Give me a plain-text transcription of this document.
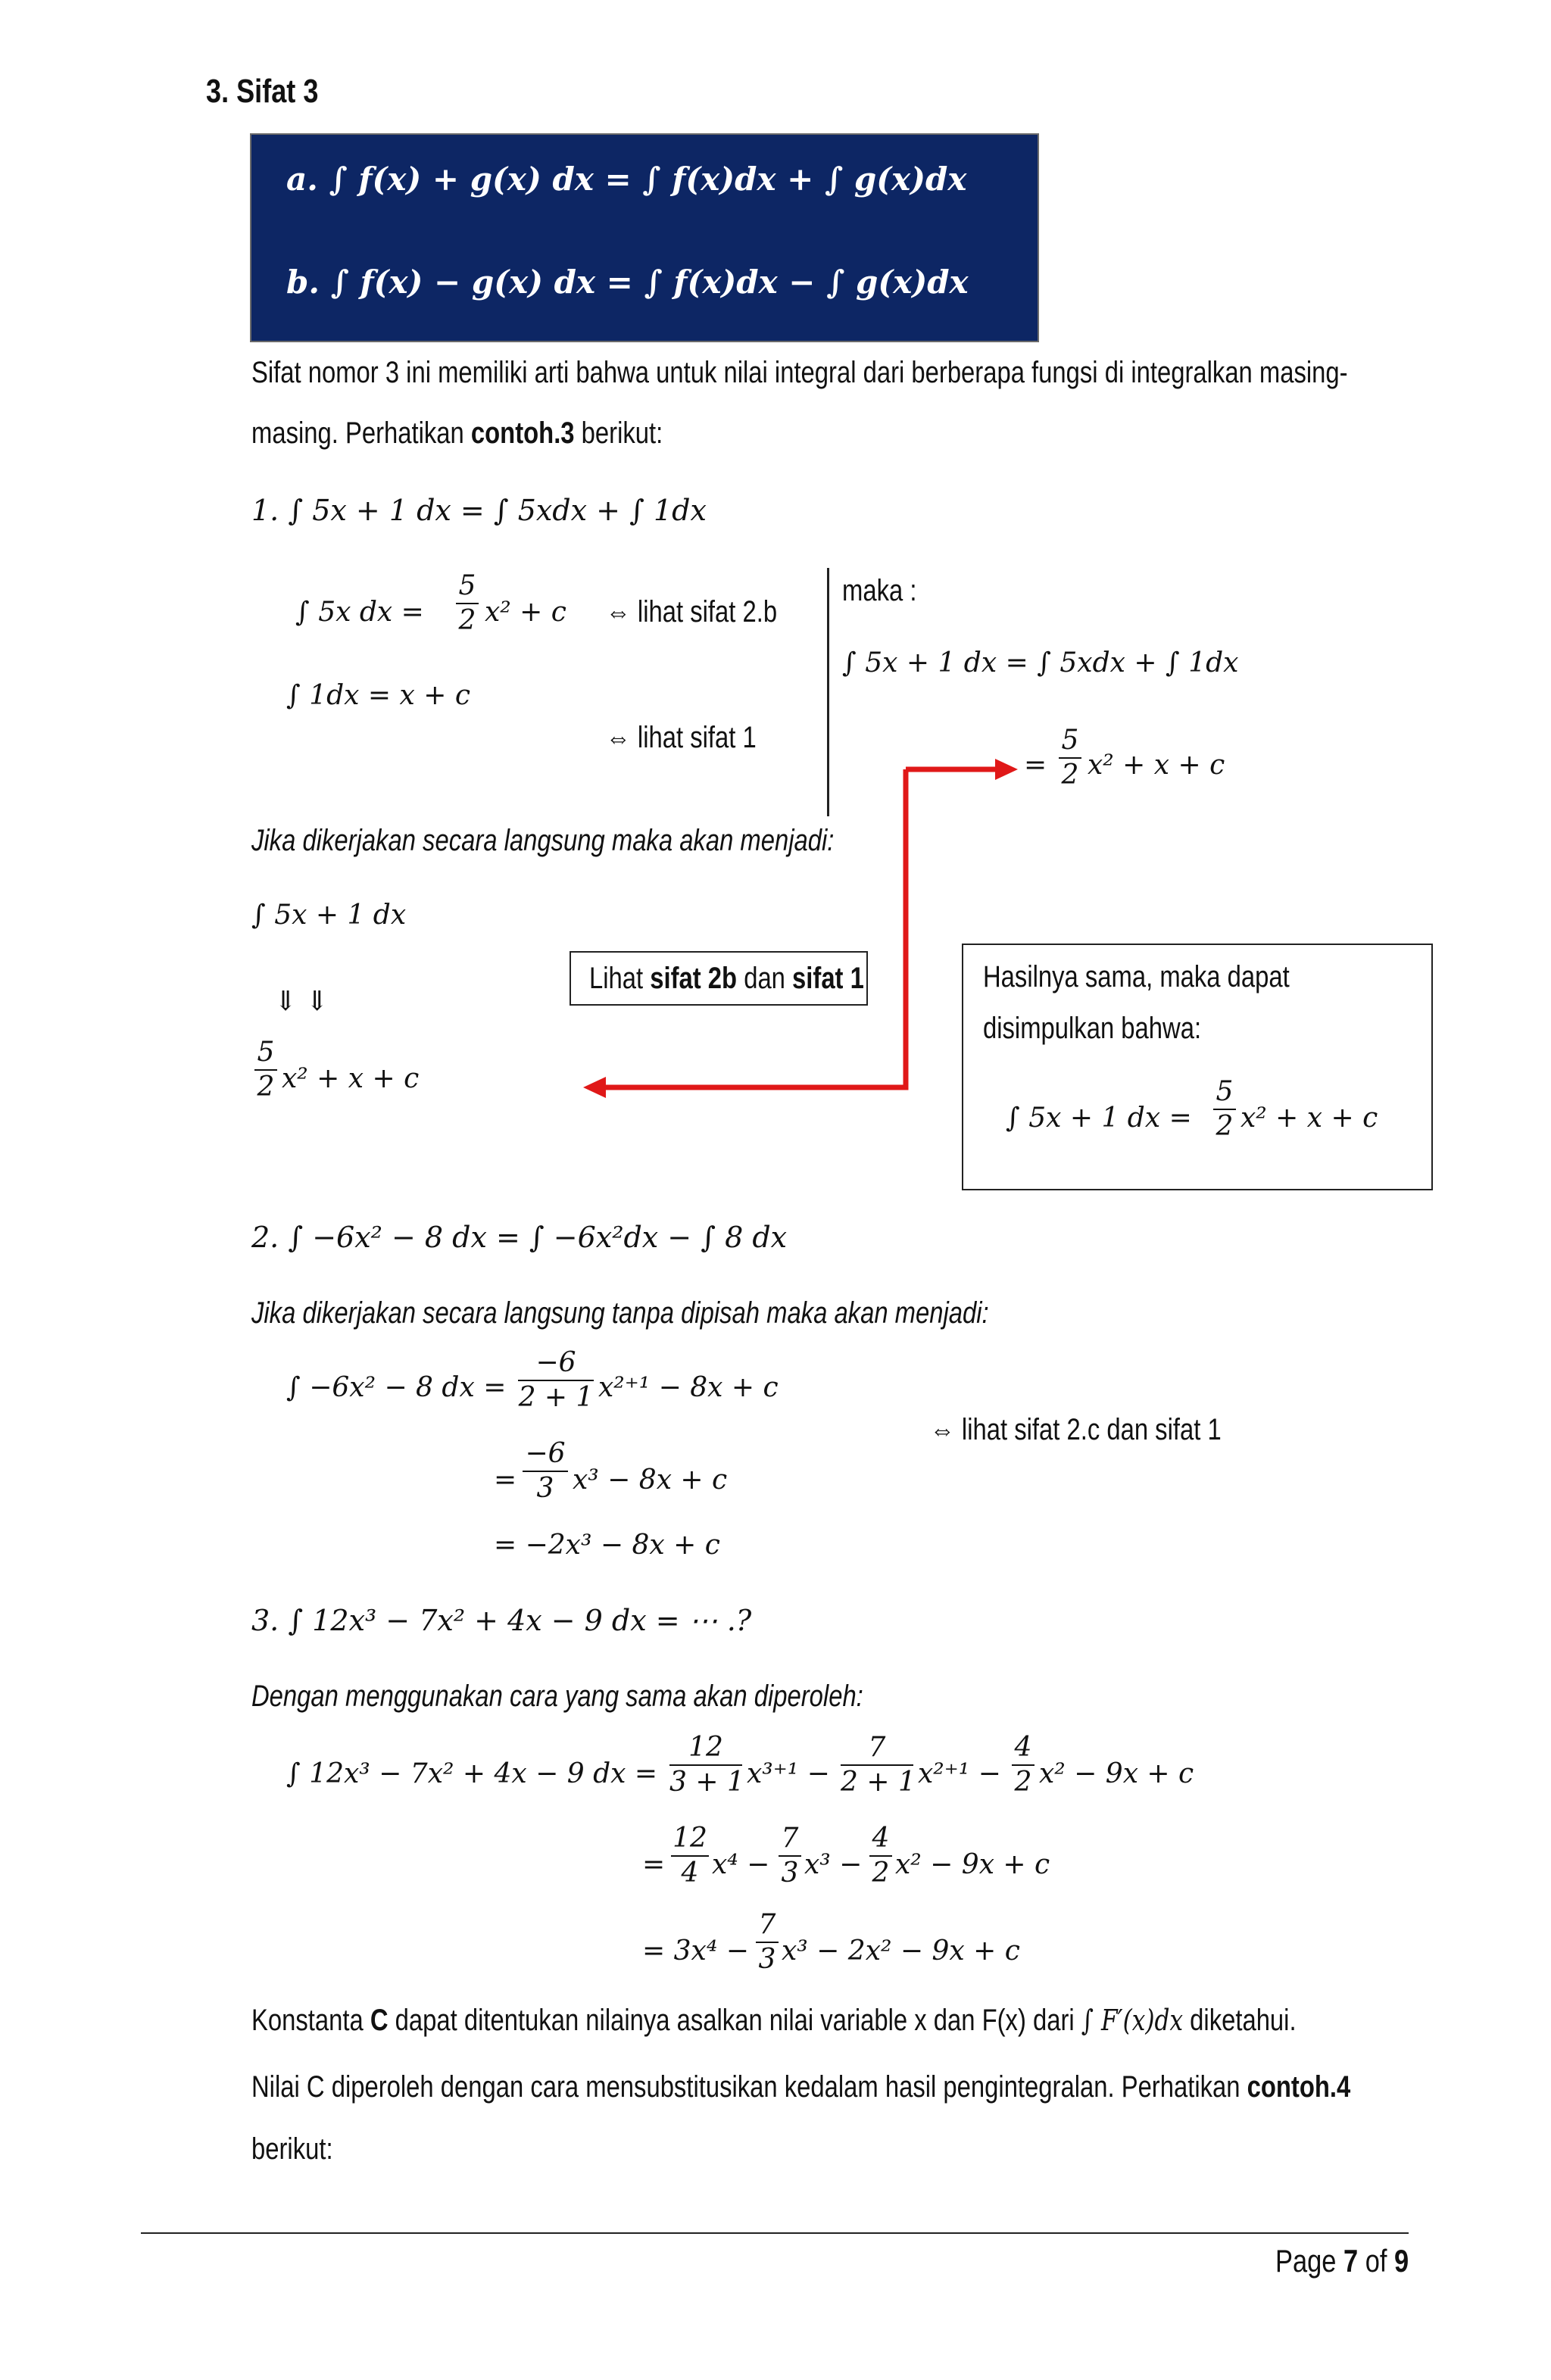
3. Sifat 3
a. ∫ f(x) + g(x) dx = ∫ f(x)dx + ∫ g(x)dx
b. ∫ f(x) − g(x) dx = ∫ f(x)dx − ∫ g(x)dx
Sifat nomor 3 ini memiliki arti bahwa untuk nilai integral dari berberapa fungsi di integralkan masing-
masing. Perhatikan contoh.3 berikut:
1. ∫ 5x + 1 dx = ∫ 5xdx + ∫ 1dx
∫ 5x dx =
5
2 x² + c ⇔ lihat sifat 2.b
∫ 1dx = x + c
⇔ lihat sifat 1
maka :
∫ 5x + 1 dx = ∫ 5xdx + ∫ 1dx
=
5
2 x² + x + c
Jika dikerjakan secara langsung maka akan menjadi:
∫ 5x + 1 dx
⇓ ⇓
5
2 x² + x + c
Lihat sifat 2b dan sifat 1	Hasilnya sama, maka dapat
disimpulkan bahwa:
∫ 5x + 1 dx =
5
2 x² + x + c
2. ∫ −6x² − 8 dx = ∫ −6x²dx − ∫ 8 dx
Jika dikerjakan secara langsung tanpa dipisah maka akan menjadi:
∫ −6x² − 8 dx =
−6
2 + 1 x²⁺¹ − 8x + c
⇔ lihat sifat 2.c dan sifat 1
=
−6
3 x³ − 8x + c
= −2x³ − 8x + c
3. ∫ 12x³ − 7x² + 4x − 9 dx = ⋯ .?
Dengan menggunakan cara yang sama akan diperoleh:
∫ 12x³ − 7x² + 4x − 9 dx =
12
3 + 1 x³⁺¹ −
7
2 + 1 x²⁺¹ −
4
2 x² − 9x + c
=
12
4 x⁴ −
7
3 x³ −
4
2 x² − 9x + c
= 3x⁴ −
7
3 x³ − 2x² − 9x + c
Konstanta C dapat ditentukan nilainya asalkan nilai variable x dan F(x) dari ∫ F′(x)dx diketahui.
Nilai C diperoleh dengan cara mensubstitusikan kedalam hasil pengintegralan. Perhatikan contoh.4
berikut:
Page 7 of 9
